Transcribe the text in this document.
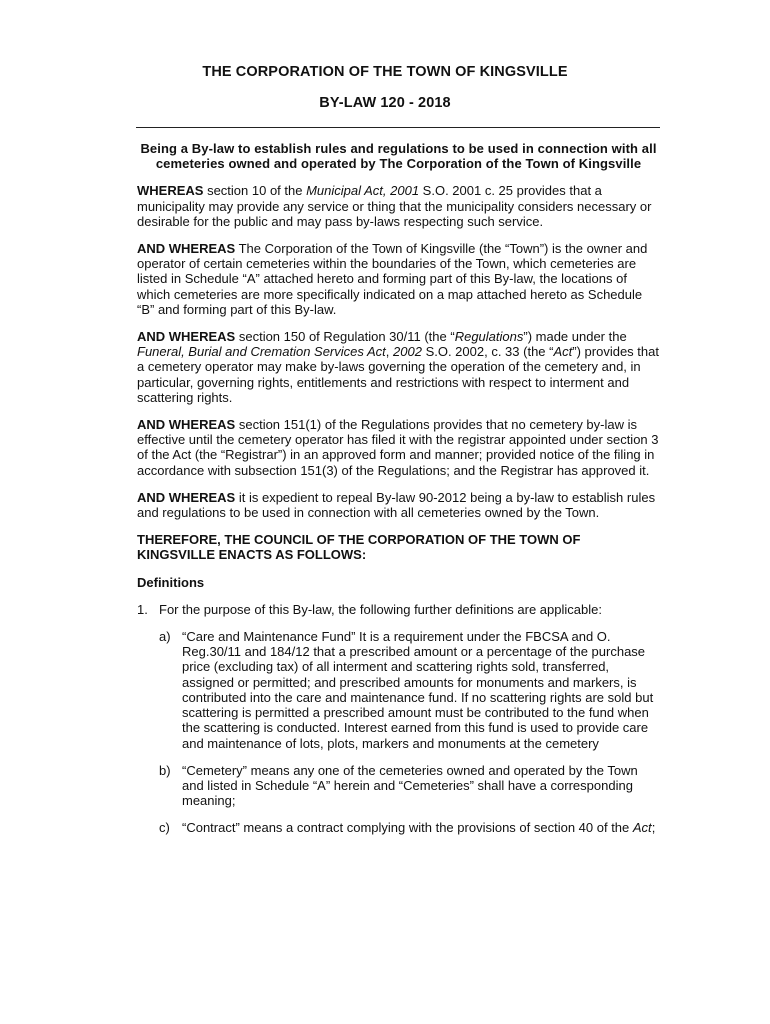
THE CORPORATION OF THE TOWN OF KINGSVILLE
BY-LAW 120 - 2018
Being a By-law to establish rules and regulations to be used in connection with all cemeteries owned and operated by The Corporation of the Town of Kingsville

WHEREAS section 10 of the Municipal Act, 2001 S.O. 2001 c. 25 provides that a municipality may provide any service or thing that the municipality considers necessary or desirable for the public and may pass by-laws respecting such service.

AND WHEREAS The Corporation of the Town of Kingsville (the “Town”) is the owner and operator of certain cemeteries within the boundaries of the Town, which cemeteries are listed in Schedule “A” attached hereto and forming part of this By-law, the locations of which cemeteries are more specifically indicated on a map attached hereto as Schedule “B” and forming part of this By-law.

AND WHEREAS section 150 of Regulation 30/11 (the “Regulations”) made under the Funeral, Burial and Cremation Services Act, 2002 S.O. 2002, c. 33 (the “Act”) provides that a cemetery operator may make by-laws governing the operation of the cemetery and, in particular, governing rights, entitlements and restrictions with respect to interment and scattering rights.

AND WHEREAS section 151(1) of the Regulations provides that no cemetery by-law is effective until the cemetery operator has filed it with the registrar appointed under section 3 of the Act (the “Registrar”) in an approved form and manner; provided notice of the filing in accordance with subsection 151(3) of the Regulations; and the Registrar has approved it.

AND WHEREAS it is expedient to repeal By-law 90-2012 being a by-law to establish rules and regulations to be used in connection with all cemeteries owned by the Town.

THEREFORE, THE COUNCIL OF THE CORPORATION OF THE TOWN OF KINGSVILLE ENACTS AS FOLLOWS:
Definitions
1. For the purpose of this By-law, the following further definitions are applicable:
a) “Care and Maintenance Fund” It is a requirement under the FBCSA and O. Reg.30/11 and 184/12 that a prescribed amount or a percentage of the purchase price (excluding tax) of all interment and scattering rights sold, transferred, assigned or permitted; and prescribed amounts for monuments and markers, is contributed into the care and maintenance fund. If no scattering rights are sold but scattering is permitted a prescribed amount must be contributed to the fund when the scattering is conducted. Interest earned from this fund is used to provide care and maintenance of lots, plots, markers and monuments at the cemetery
b) “Cemetery” means any one of the cemeteries owned and operated by the Town and listed in Schedule “A” herein and “Cemeteries” shall have a corresponding meaning;
c) “Contract” means a contract complying with the provisions of section 40 of the Act;
